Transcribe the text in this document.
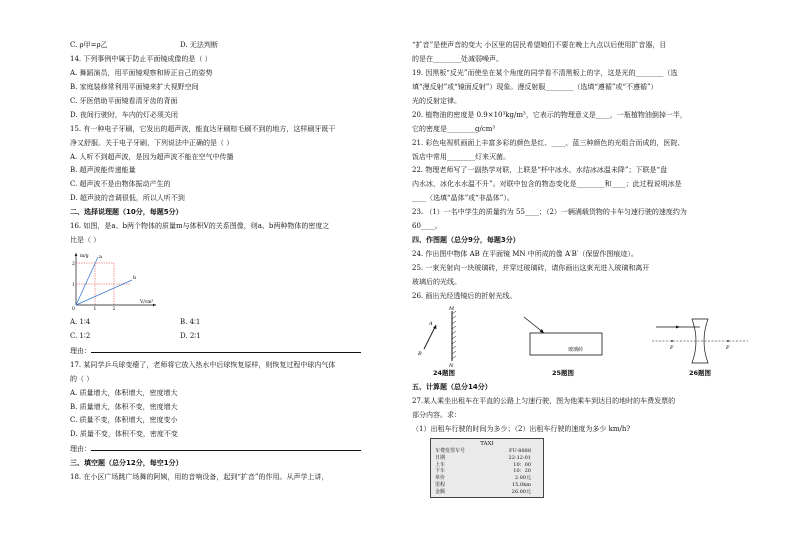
C. ρ甲=ρ乙	D. 无法判断
14. 下列事例中属于防止平面镜成像的是（ ）
A. 舞蹈演员，用平面镜观察和矫正自己的姿势
B. 家庭装修常利用平面镜来扩大视野空间
C. 牙医借助平面镜看清牙齿的背面
D. 夜间行驶时，车内的灯必须关闭
15. 有一种电子牙刷，它发出的超声波，能直达牙刷棕毛刷不到的地方，这样刷牙既干
净又舒服。关于电子牙刷，下列说法中正确的是（ ）
A. 人听不到超声波，是因为超声波不能在空气中传播
B. 超声波能传递能量
C. 超声波不是由物体振动产生的
D. 超声波的音调很低，所以人听不到
二、选择说理题（10分，每题5分）
16. 如图，是a、b两个物体的质量m与体积V的关系图像，则a、b两种物体的密度之
比是（ ）
m/g
V/cm³
a
b
0
1
2
1	2
A. 1∶4	B. 4∶1
C. 1∶2	D. 2∶1
理由：
17. 某同学乒乓球变瘪了，老师将它放入热水中后球恢复原样，则恢复过程中球内气体
的（ ）
A. 质量增大，体积增大，密度增大
B. 质量增大，体积不变，密度增大
C. 质量不变，体积增大，密度变小
D. 质量不变，体积不变，密度不变
理由：
三、填空题（总分12分，每空1分）
18. 在小区广场跳广场舞的阿姨，用的音响设备，起到“扩音”的作用。从声学上讲，
“扩音”是使声音的变大 小区里的居民希望她们不要在晚上九点以后使用扩音器，目
的是在________处减弱噪声。
19. 因黑板“反光”而使坐在某个角度的同学看不清黑板上的字，这是光的________（选
填“漫反射”或“镜面反射”）现象。漫反射服________（选填“遵循”或“不遵循”）
光的反射定律。
20. 植物油的密度是 0.9×10³kg/m³，它表示的物理意义是____，一瓶植物油倒掉一半，
它的密度是________g/cm³
21. 彩色电视机画面上丰富多彩的颜色是红、____、蓝三种颜色的光组合而成的，医院、
饭店中常用________灯来灭菌。
22. 物理老师写了一副热学对联，上联是“杯中冰水，水结冰冰温未降”；下联是“盘
内水冰，冰化水水温不升”。对联中包含的物态变化是________和____；此过程说明冰是
____（选填“晶体”或“非晶体”）。
23. （1）一名中学生的质量约为 55____；（2）一辆满载货物的卡车匀速行驶的速度约为
60____。
四、作图题（总分9分，每题3分）
24. 作出图中物体 AB 在平面镜 MN 中所成的像 A′B′（保留作图痕迹）。
25. 一束光射向一块玻璃砖，并穿过玻璃砖，请你画出这束光进入玻璃和离开
玻璃后的光线。
26. 画出光经透镜后的折射光线。
M
N
A
B
24题图
玻璃砖
25题图
F	F
26题图
五、计算题（总分14分）
27.某人乘坐出租车在平直的公路上匀速行驶，图为他乘车到达目的地时的车费发票的
部分内容。求：
（1）出租车行驶的时间为多少；（2）出租车行驶的速度为多少 km/h?
TAXI
车费发票车号	FU-8888
日期	22-12-01
上车	10：00
下车	10：20
单价	2.00元
里程	15.0km
金额	26.00元
